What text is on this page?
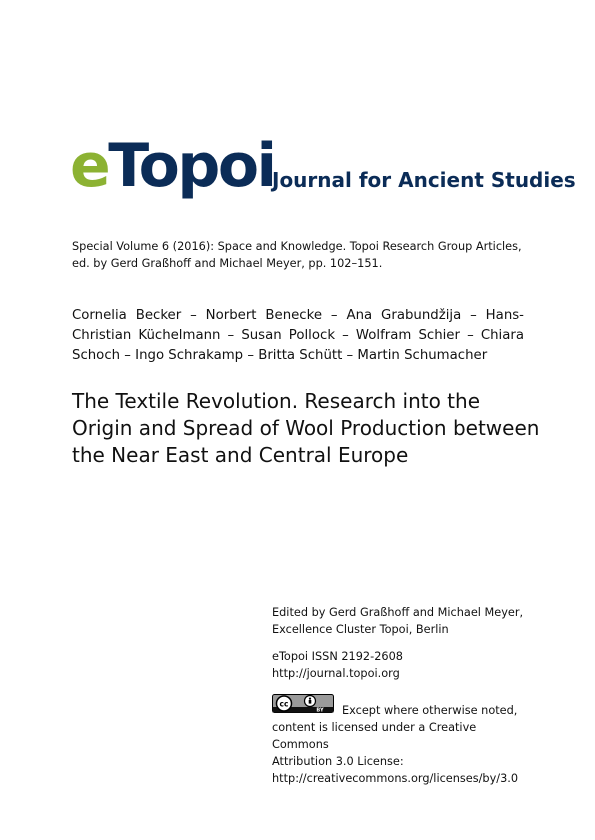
eTopoi
Journal for Ancient Studies
Special Volume 6 (2016): Space and Knowledge. Topoi Research Group Articles, ed. by Gerd Graßhoff and Michael Meyer, pp. 102–151.
Cornelia Becker – Norbert Benecke – Ana Grabundžija – Hans-Christian Küchelmann – Susan Pollock – Wolfram Schier – Chiara Schoch – Ingo Schrakamp – Britta Schütt – Martin Schumacher
The Textile Revolution. Research into the Origin and Spread of Wool Production between the Near East and Central Europe
Edited by Gerd Graßhoff and Michael Meyer,
Excellence Cluster Topoi, Berlin
eTopoi ISSN 2192-2608
http://journal.topoi.org
cc
BY	Except where otherwise noted,
content is licensed under a Creative Commons
Attribution 3.0 License:
http://creativecommons.org/licenses/by/3.0
